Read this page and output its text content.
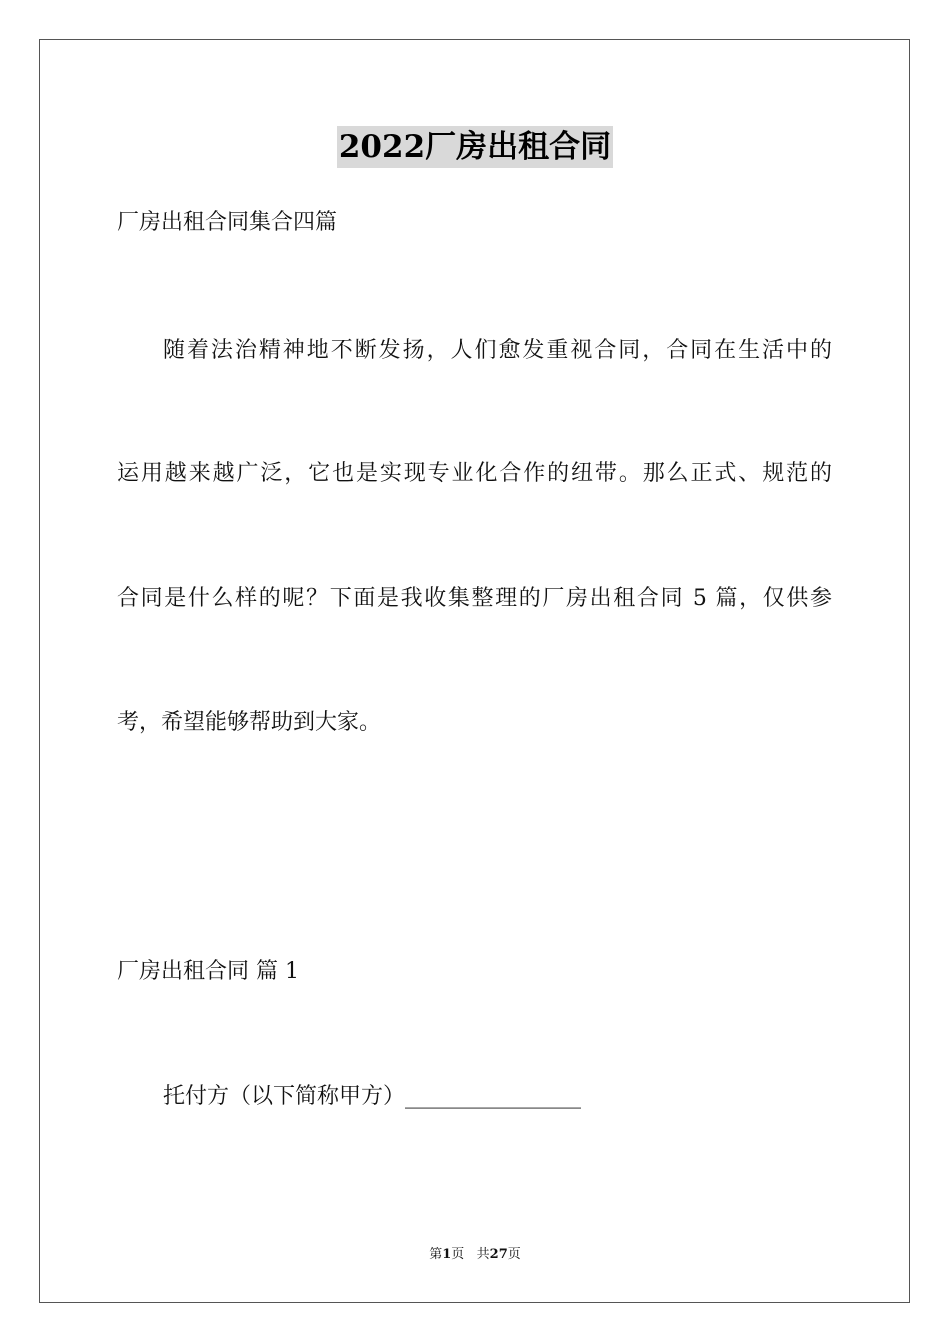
2022厂房出租合同
厂房出租合同集合四篇
随着法治精神地不断发扬，人们愈发重视合同，合同在生活中的
运用越来越广泛，它也是实现专业化合作的纽带。那么正式、规范的
合同是什么样的呢？下面是我收集整理的厂房出租合同 5 篇，仅供参
考，希望能够帮助到大家。
厂房出租合同 篇 1
托付方（以下简称甲方）________________
第1页   共27页
